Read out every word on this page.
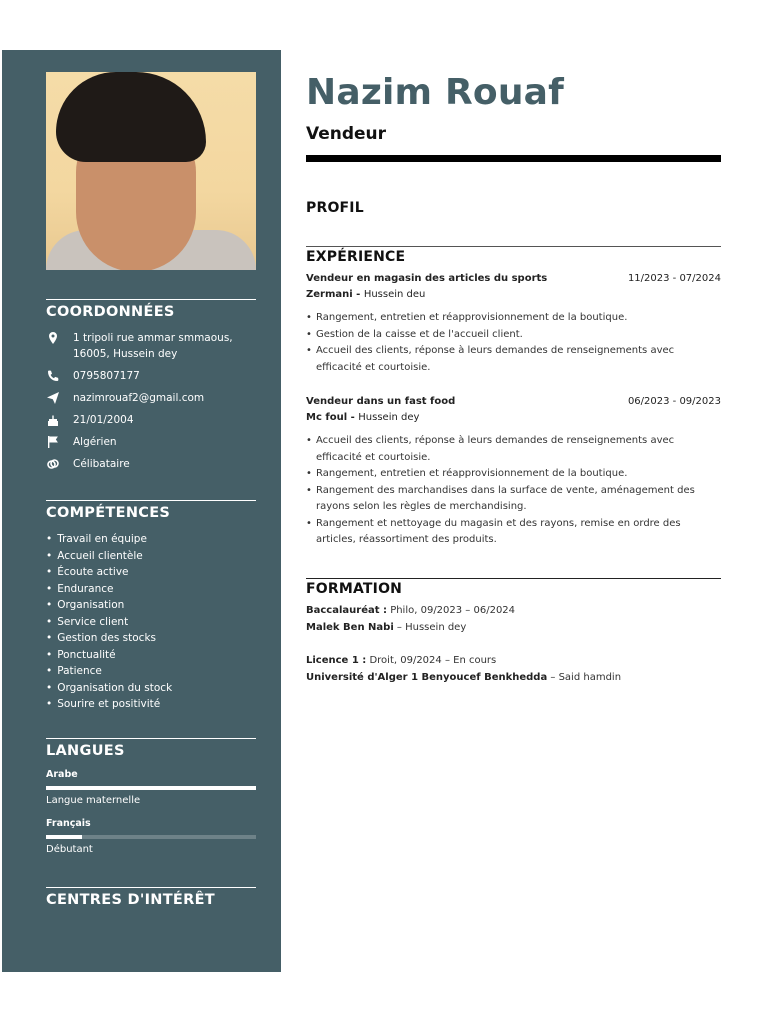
COORDONNÉES
1 tripoli rue ammar smmaous, 16005, Hussein dey
0795807177
nazimrouaf2@gmail.com
21/01/2004
Algérien
Célibataire
COMPÉTENCES
• Travail en équipe
• Accueil clientèle
• Écoute active
• Endurance
• Organisation
• Service client
• Gestion des stocks
• Ponctualité
• Patience
• Organisation du stock
• Sourire et positivité
LANGUES
Arabe
Langue maternelle
Français
Débutant
CENTRES D'INTÉRÊT
Nazim Rouaf
Vendeur
PROFIL
EXPÉRIENCE
Vendeur en magasin des articles du sports	11/2023 - 07/2024
Zermani - Hussein deu
• Rangement, entretien et réapprovisionnement de la boutique.
• Gestion de la caisse et de l'accueil client.
• Accueil des clients, réponse à leurs demandes de renseignements avec efficacité et courtoisie.
Vendeur dans un fast food	06/2023 - 09/2023
Mc foul - Hussein dey
• Accueil des clients, réponse à leurs demandes de renseignements avec efficacité et courtoisie.
• Rangement, entretien et réapprovisionnement de la boutique.
• Rangement des marchandises dans la surface de vente, aménagement des rayons selon les règles de merchandising.
• Rangement et nettoyage du magasin et des rayons, remise en ordre des articles, réassortiment des produits.
FORMATION
Baccalauréat : Philo, 09/2023 – 06/2024
Malek Ben Nabi – Hussein dey
Licence 1 : Droit, 09/2024 – En cours
Université d'Alger 1 Benyoucef Benkhedda – Said hamdin
